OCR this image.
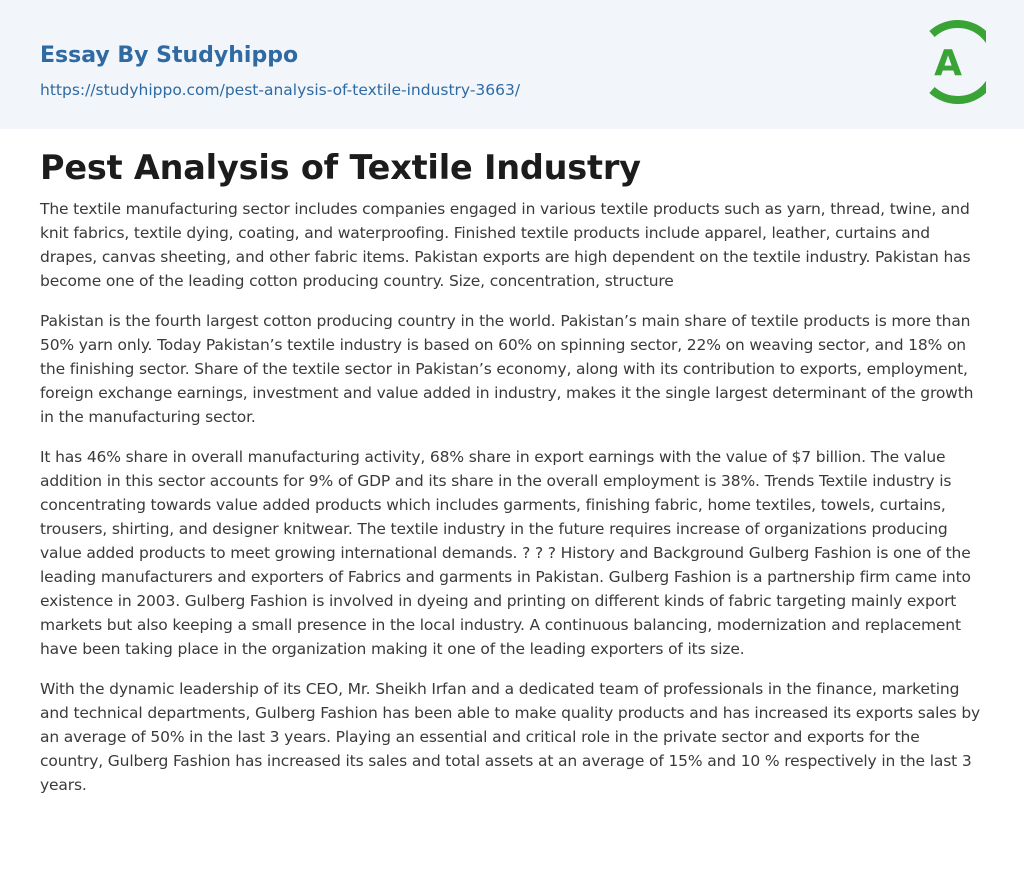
Essay By Studyhippo
https://studyhippo.com/pest-analysis-of-textile-industry-3663/
A
Pest Analysis of Textile Industry

The textile manufacturing sector includes companies engaged in various textile products such as yarn, thread, twine, and knit fabrics, textile dying, coating, and waterproofing. Finished textile products include apparel, leather, curtains and drapes, canvas sheeting, and other fabric items. Pakistan exports are high dependent on the textile industry. Pakistan has become one of the leading cotton producing country. Size, concentration, structure

Pakistan is the fourth largest cotton producing country in the world. Pakistan’s main share of textile products is more than 50% yarn only. Today Pakistan’s textile industry is based on 60% on spinning sector, 22% on weaving sector, and 18% on the finishing sector. Share of the textile sector in Pakistan’s economy, along with its contribution to exports, employment, foreign exchange earnings, investment and value added in industry, makes it the single largest determinant of the growth in the manufacturing sector.

It has 46% share in overall manufacturing activity, 68% share in export earnings with the value of $7 billion. The value addition in this sector accounts for 9% of GDP and its share in the overall employment is 38%. Trends Textile industry is concentrating towards value added products which includes garments, finishing fabric, home textiles, towels, curtains, trousers, shirting, and designer knitwear. The textile industry in the future requires increase of organizations producing value added products to meet growing international demands. ? ? ? History and Background Gulberg Fashion is one of the leading manufacturers and exporters of Fabrics and garments in Pakistan. Gulberg Fashion is a partnership firm came into existence in 2003. Gulberg Fashion is involved in dyeing and printing on different kinds of fabric targeting mainly export markets but also keeping a small presence in the local industry. A continuous balancing, modernization and replacement have been taking place in the organization making it one of the leading exporters of its size.

With the dynamic leadership of its CEO, Mr. Sheikh Irfan and a dedicated team of professionals in the finance, marketing and technical departments, Gulberg Fashion has been able to make quality products and has increased its exports sales by an average of 50% in the last 3 years. Playing an essential and critical role in the private sector and exports for the country, Gulberg Fashion has increased its sales and total assets at an average of 15% and 10 % respectively in the last 3 years.
